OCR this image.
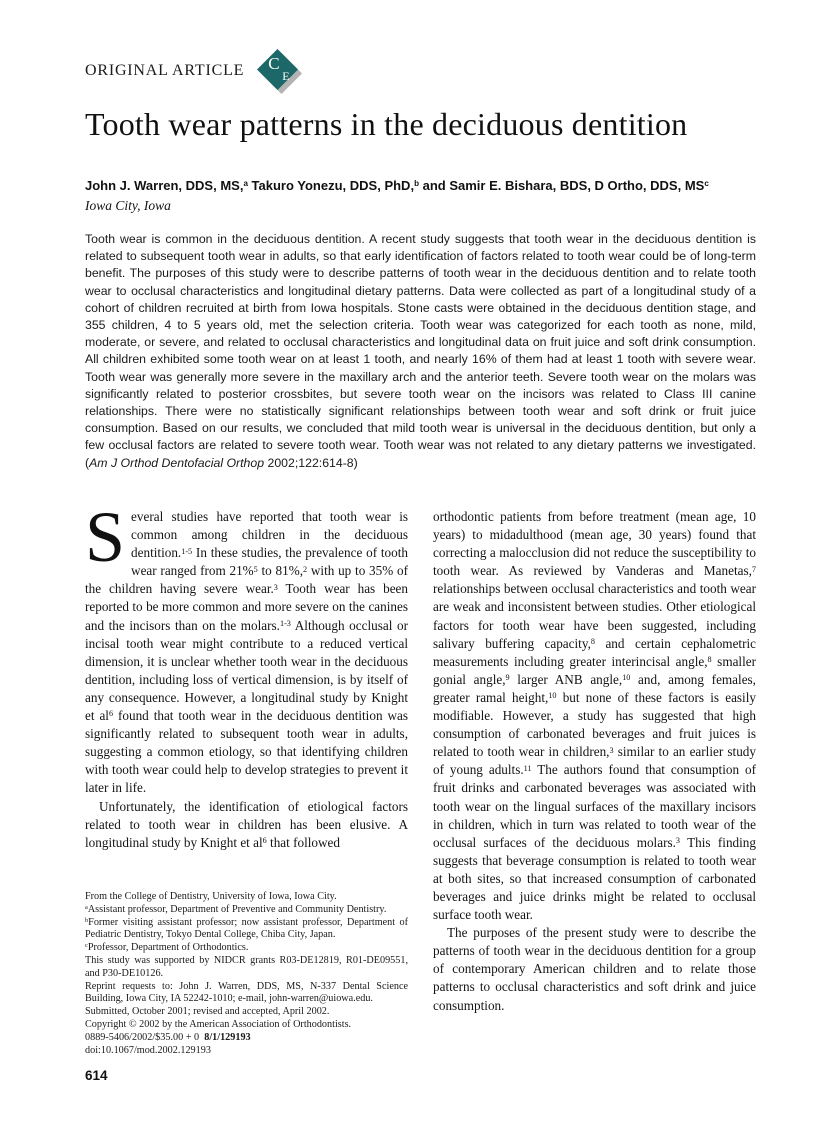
ORIGINAL ARTICLE C
E
Tooth wear patterns in the deciduous dentition

John J. Warren, DDS, MS,$^a$ Takuro Yonezu, DDS, PhD,$^b$ and Samir E. Bishara, BDS, D Ortho, DDS, $MS^c$

Iowa City, Iowa

Tooth wear is common in the deciduous dentition. A recent study suggests that tooth wear in the deciduous dentition is related to subsequent tooth wear in adults, so that early identification of factors related to tooth wear could be of long-term benefit. The purposes of this study were to describe patterns of tooth wear in the deciduous dentition and to relate tooth wear to occlusal characteristics and longitudinal dietary patterns. Data were collected as part of a longitudinal study of a cohort of children recruited at birth from Iowa hospitals. Stone casts were obtained in the deciduous dentition stage, and 355 children, 4 to 5 years old, met the selection criteria. Tooth wear was categorized for each tooth as none, mild, moderate, or severe, and related to occlusal characteristics and longitudinal data on fruit juice and soft drink consumption. All children exhibited some tooth wear on at least 1 tooth, and nearly 16% of them had at least 1 tooth with severe wear. Tooth wear was generally more severe in the maxillary arch and the anterior teeth. Severe tooth wear on the molars was significantly related to posterior crossbites, but severe tooth wear on the incisors was related to Class III canine relationships. There were no statistically significant relationships between tooth wear and soft drink or fruit juice consumption. Based on our results, we concluded that mild tooth wear is universal in the deciduous dentition, but only a few occlusal factors are related to severe tooth wear. Tooth wear was not related to any dietary patterns we investigated. (Am J Orthod Dentofacial Orthop 2002;122:614-8)

Several studies have reported that tooth wear is common among children in the deciduous dentition.$^{1-5}$ In these studies, the prevalence of tooth wear ranged from 21%$^5$ to 81%,$^2$ with up to 35% of the children having severe wear.$^3$ Tooth wear has been reported to be more common and more severe on the canines and the incisors than on the molars.$^{1-3}$ Although occlusal or incisal tooth wear might contribute to a reduced vertical dimension, it is unclear whether tooth wear in the deciduous dentition, including loss of vertical dimension, is by itself of any consequence. However, a longitudinal study by Knight et $al^6$ found that tooth wear in the deciduous dentition was significantly related to subsequent tooth wear in adults, suggesting a common etiology, so that identifying children with tooth wear could help to develop strategies to prevent it later in life.

Unfortunately, the identification of etiological factors related to tooth wear in children has been elusive. A longitudinal study by Knight et $al^6$ that followed

orthodontic patients from before treatment (mean age, 10 years) to midadulthood (mean age, 30 years) found that correcting a malocclusion did not reduce the susceptibility to tooth wear. As reviewed by Vanderas and Manetas,$^7$ relationships between occlusal characteristics and tooth wear are weak and inconsistent between studies. Other etiological factors for tooth wear have been suggested, including salivary buffering capacity,$^8$ and certain cephalometric measurements including greater interincisal angle,$^8$ smaller gonial angle,$^9$ larger ANB angle,$^{10}$ and, among females, greater ramal height,$^{10}$ but none of these factors is easily modifiable. However, a study has suggested that high consumption of carbonated beverages and fruit juices is related to tooth wear in children,$^3$ similar to an earlier study of young adults.$^{11}$ The authors found that consumption of fruit drinks and carbonated beverages was associated with tooth wear on the lingual surfaces of the maxillary incisors in children, which in turn was related to tooth wear of the occlusal surfaces of the deciduous molars.$^3$ This finding suggests that beverage consumption is related to tooth wear at both sites, so that increased consumption of carbonated beverages and juice drinks might be related to occlusal surface tooth wear.

The purposes of the present study were to describe the patterns of tooth wear in the deciduous dentition for a group of contemporary American children and to relate those patterns to occlusal characteristics and soft drink and juice consumption.

From the College of Dentistry, University of Iowa, Iowa City.
$^a$Assistant professor, Department of Preventive and Community Dentistry.
$^b$Former visiting assistant professor; now assistant professor, Department of Pediatric Dentistry, Tokyo Dental College, Chiba City, Japan.
$^c$Professor, Department of Orthodontics.
This study was supported by NIDCR grants R03-DE12819, R01-DE09551, and P30-DE10126.
Reprint requests to: John J. Warren, DDS, MS, N-337 Dental Science Building, Iowa City, IA 52242-1010; e-mail, john-warren@uiowa.edu.
Submitted, October 2001; revised and accepted, April 2002.
Copyright © 2002 by the American Association of Orthodontists.
0889-5406/2002/$35.00 + 0  8/1/129193
doi:10.1067/mod.2002.129193
614
